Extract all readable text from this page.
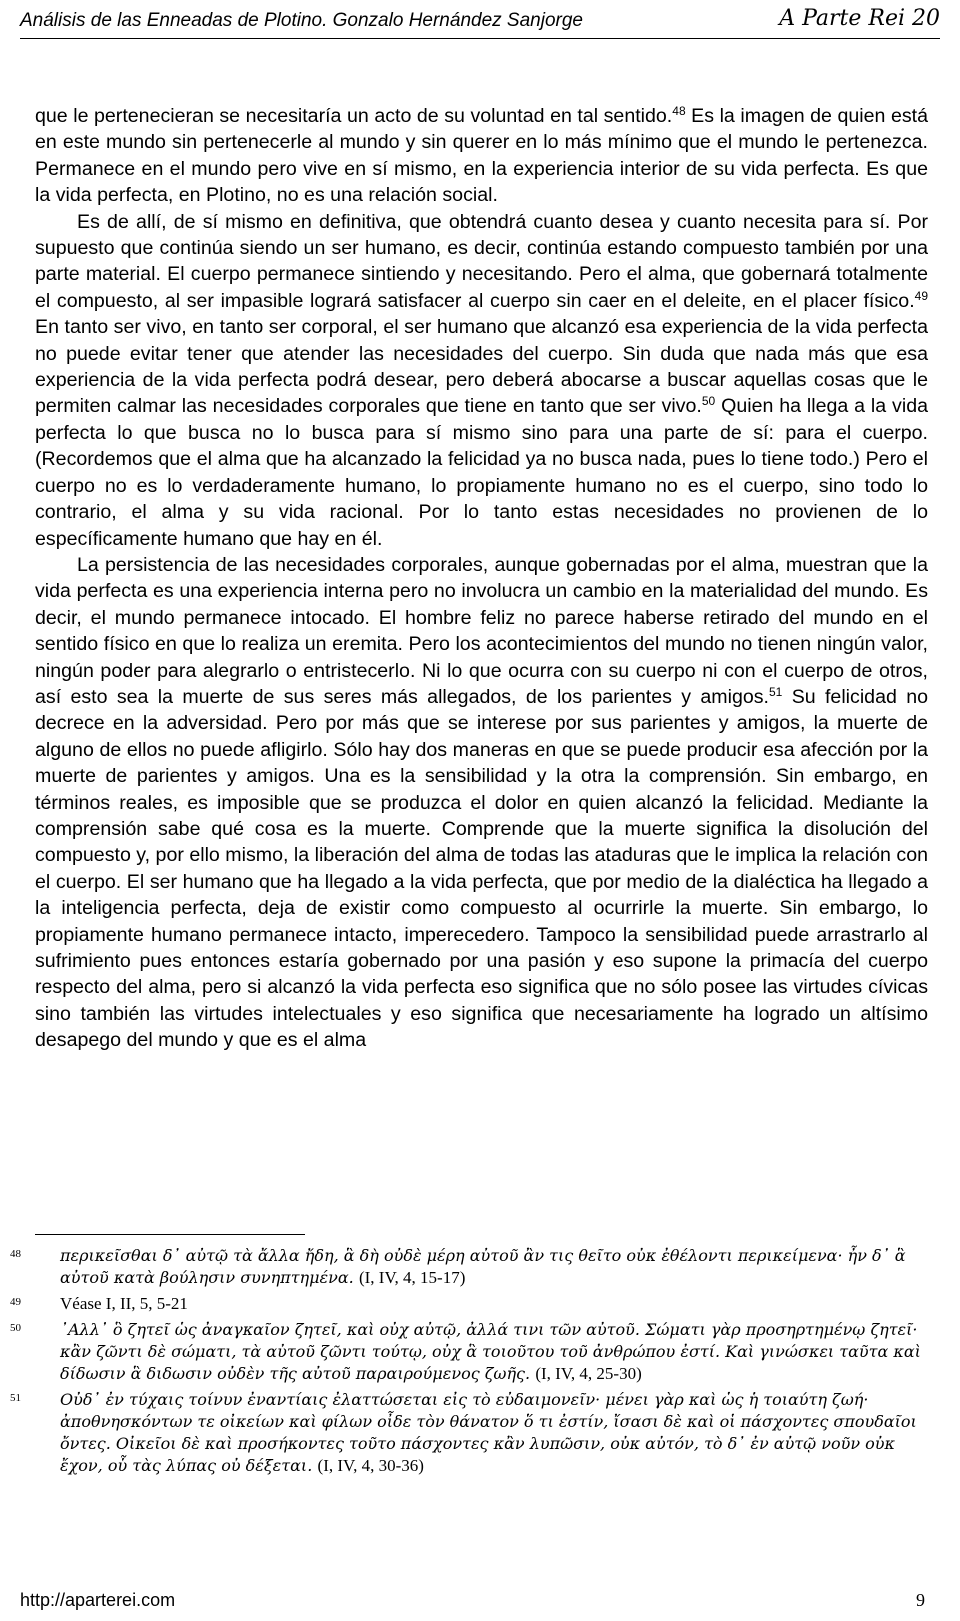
Análisis de las Enneadas de Plotino. Gonzalo Hernández Sanjorge	A Parte Rei 20

que le pertenecieran se necesitaría un acto de su voluntad en tal sentido.$^{48}$ Es la imagen de quien está en este mundo sin pertenecerle al mundo y sin querer en lo más mínimo que el mundo le pertenezca. Permanece en el mundo pero vive en sí mismo, en la experiencia interior de su vida perfecta. Es que la vida perfecta, en Plotino, no es una relación social.

Es de allí, de sí mismo en definitiva, que obtendrá cuanto desea y cuanto necesita para sí. Por supuesto que continúa siendo un ser humano, es decir, continúa estando compuesto también por una parte material. El cuerpo permanece sintiendo y necesitando. Pero el alma, que gobernará totalmente el compuesto, al ser impasible logrará satisfacer al cuerpo sin caer en el deleite, en el placer físico.$^{49}$ En tanto ser vivo, en tanto ser corporal, el ser humano que alcanzó esa experiencia de la vida perfecta no puede evitar tener que atender las necesidades del cuerpo. Sin duda que nada más que esa experiencia de la vida perfecta podrá desear, pero deberá abocarse a buscar aquellas cosas que le permiten calmar las necesidades corporales que tiene en tanto que ser vivo.$^{50}$ Quien ha llega a la vida perfecta lo que busca no lo busca para sí mismo sino para una parte de sí: para el cuerpo. (Recordemos que el alma que ha alcanzado la felicidad ya no busca nada, pues lo tiene todo.) Pero el cuerpo no es lo verdaderamente humano, lo propiamente humano no es el cuerpo, sino todo lo contrario, el alma y su vida racional. Por lo tanto estas necesidades no provienen de lo específicamente humano que hay en él.

La persistencia de las necesidades corporales, aunque gobernadas por el alma, muestran que la vida perfecta es una experiencia interna pero no involucra un cambio en la materialidad del mundo. Es decir, el mundo permanece intocado. El hombre feliz no parece haberse retirado del mundo en el sentido físico en que lo realiza un eremita. Pero los acontecimientos del mundo no tienen ningún valor, ningún poder para alegrarlo o entristecerlo. Ni lo que ocurra con su cuerpo ni con el cuerpo de otros, así esto sea la muerte de sus seres más allegados, de los parientes y amigos.$^{51}$ Su felicidad no decrece en la adversidad. Pero por más que se interese por sus parientes y amigos, la muerte de alguno de ellos no puede afligirlo. Sólo hay dos maneras en que se puede producir esa afección por la muerte de parientes y amigos. Una es la sensibilidad y la otra la comprensión. Sin embargo, en términos reales, es imposible que se produzca el dolor en quien alcanzó la felicidad. Mediante la comprensión sabe qué cosa es la muerte. Comprende que la muerte significa la disolución del compuesto y, por ello mismo, la liberación del alma de todas las ataduras que le implica la relación con el cuerpo. El ser humano que ha llegado a la vida perfecta, que por medio de la dialéctica ha llegado a la inteligencia perfecta, deja de existir como compuesto al ocurrirle la muerte. Sin embargo, lo propiamente humano permanece intacto, imperecedero. Tampoco la sensibilidad puede arrastrarlo al sufrimiento pues entonces estaría gobernado por una pasión y eso supone la primacía del cuerpo respecto del alma, pero si alcanzó la vida perfecta eso significa que no sólo posee las virtudes cívicas sino también las virtudes intelectuales y eso significa que necesariamente ha logrado un altísimo desapego del mundo y que es el alma

48 περικεῖσθαι δ᾽ αὐτῷ τὰ ἄλλα ἤδη, ἃ δὴ οὐδὲ μέρη αὐτοῦ ἂν τις θεῖτο οὐκ ἐθέλοντι περικείμενα· ἦν δ᾽ ἃ αὐτοῦ κατὰ βούλησιν συνηπτημένα. (I, IV, 4, 15-17)
49 Véase I, II, 5, 5-21
50 ᾽Αλλ᾽ ὃ ζητεῖ ὡς ἀναγκαῖον ζητεῖ, καὶ οὐχ αὐτῷ, ἀλλά τινι τῶν αὐτοῦ. Σώματι γὰρ προσηρτημένῳ ζητεῖ· κἂν ζῶντι δὲ σώματι, τὰ αὐτοῦ ζῶντι τούτῳ, οὐχ ἃ τοιοῦτου τοῦ ἀνθρώπου ἐστί. Καὶ γινώσκει ταῦτα καὶ δίδωσιν ἃ διδωσιν οὐδὲν τῆς αὐτοῦ παραιρούμενος ζωῆς. (I, IV, 4, 25-30)
51 Οὐδ᾽ ἐν τύχαις τοίνυν ἐναντίαις ἐλαττώσεται εἰς τὸ εὐδαιμονεῖν· μένει γὰρ καὶ ὡς ἡ τοιαύτη ζωή· ἀποθνησκόντων τε οἰκείων καὶ φίλων οἶδε τὸν θάνατον ὅ τι ἐστίν, ἴσασι δὲ καὶ οἱ πάσχοντες σπουδαῖοι ὄντες. Οἰκεῖοι δὲ καὶ προσήκοντες τοῦτο πάσχοντες κἂν λυπῶσιν, οὐκ αὐτόν, τὸ δ᾽ ἐν αὐτῷ νοῦν οὐκ ἔχον, οὗ τὰς λύπας οὐ δέξεται. (I, IV, 4, 30-36)
http://aparterei.com	9
